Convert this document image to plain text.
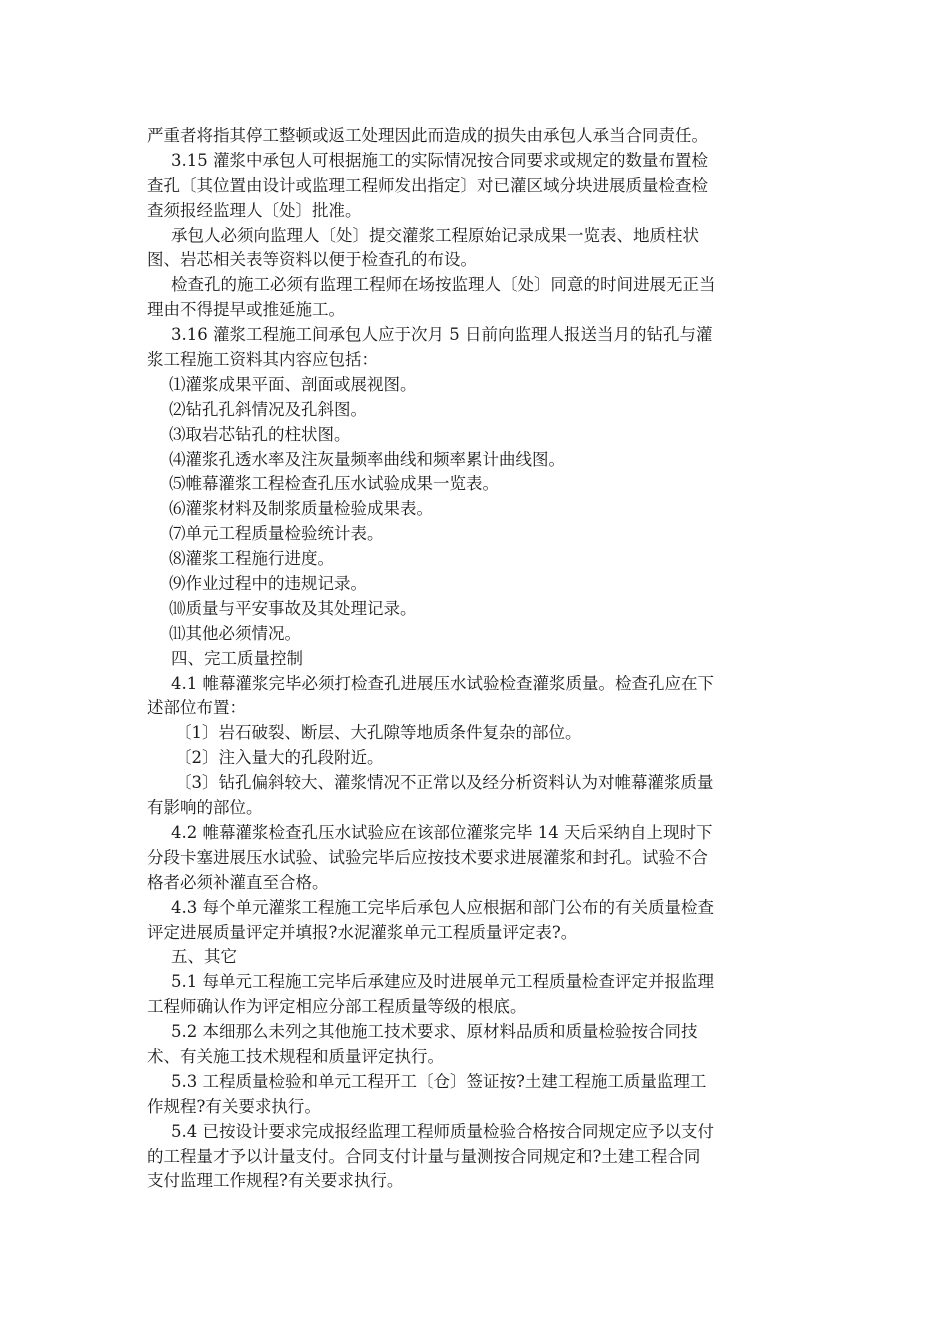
严重者将指其停工整顿或返工处理因此而造成的损失由承包人承当合同责任。
3.15 灌浆中承包人可根据施工的实际情况按合同要求或规定的数量布置检
查孔〔其位置由设计或监理工程师发出指定〕对已灌区域分块进展质量检查检
查须报经监理人〔处〕批准。
承包人必须向监理人〔处〕提交灌浆工程原始记录成果一览表、地质柱状
图、岩芯相关表等资料以便于检查孔的布设。
检查孔的施工必须有监理工程师在场按监理人〔处〕同意的时间进展无正当
理由不得提早或推延施工。
3.16 灌浆工程施工间承包人应于次月 5 日前向监理人报送当月的钻孔与灌
浆工程施工资料其内容应包括：
⑴灌浆成果平面、剖面或展视图。
⑵钻孔孔斜情况及孔斜图。
⑶取岩芯钻孔的柱状图。
⑷灌浆孔透水率及注灰量频率曲线和频率累计曲线图。
⑸帷幕灌浆工程检查孔压水试验成果一览表。
⑹灌浆材料及制浆质量检验成果表。
⑺单元工程质量检验统计表。
⑻灌浆工程施行进度。
⑼作业过程中的违规记录。
⑽质量与平安事故及其处理记录。
⑾其他必须情况。
四、完工质量控制
4.1 帷幕灌浆完毕必须打检查孔进展压水试验检查灌浆质量。检查孔应在下
述部位布置：
〔1〕岩石破裂、断层、大孔隙等地质条件复杂的部位。
〔2〕注入量大的孔段附近。
〔3〕钻孔偏斜较大、灌浆情况不正常以及经分析资料认为对帷幕灌浆质量
有影响的部位。
4.2 帷幕灌浆检查孔压水试验应在该部位灌浆完毕 14 天后采纳自上现时下
分段卡塞进展压水试验、试验完毕后应按技术要求进展灌浆和封孔。试验不合
格者必须补灌直至合格。
4.3 每个单元灌浆工程施工完毕后承包人应根据和部门公布的有关质量检查
评定进展质量评定并填报?水泥灌浆单元工程质量评定表?。
五、其它
5.1 每单元工程施工完毕后承建应及时进展单元工程质量检查评定并报监理
工程师确认作为评定相应分部工程质量等级的根底。
5.2 本细那么未列之其他施工技术要求、原材料品质和质量检验按合同技
术、有关施工技术规程和质量评定执行。
5.3 工程质量检验和单元工程开工〔仓〕签证按?土建工程施工质量监理工
作规程?有关要求执行。
5.4 已按设计要求完成报经监理工程师质量检验合格按合同规定应予以支付
的工程量才予以计量支付。合同支付计量与量测按合同规定和?土建工程合同
支付监理工作规程?有关要求执行。
